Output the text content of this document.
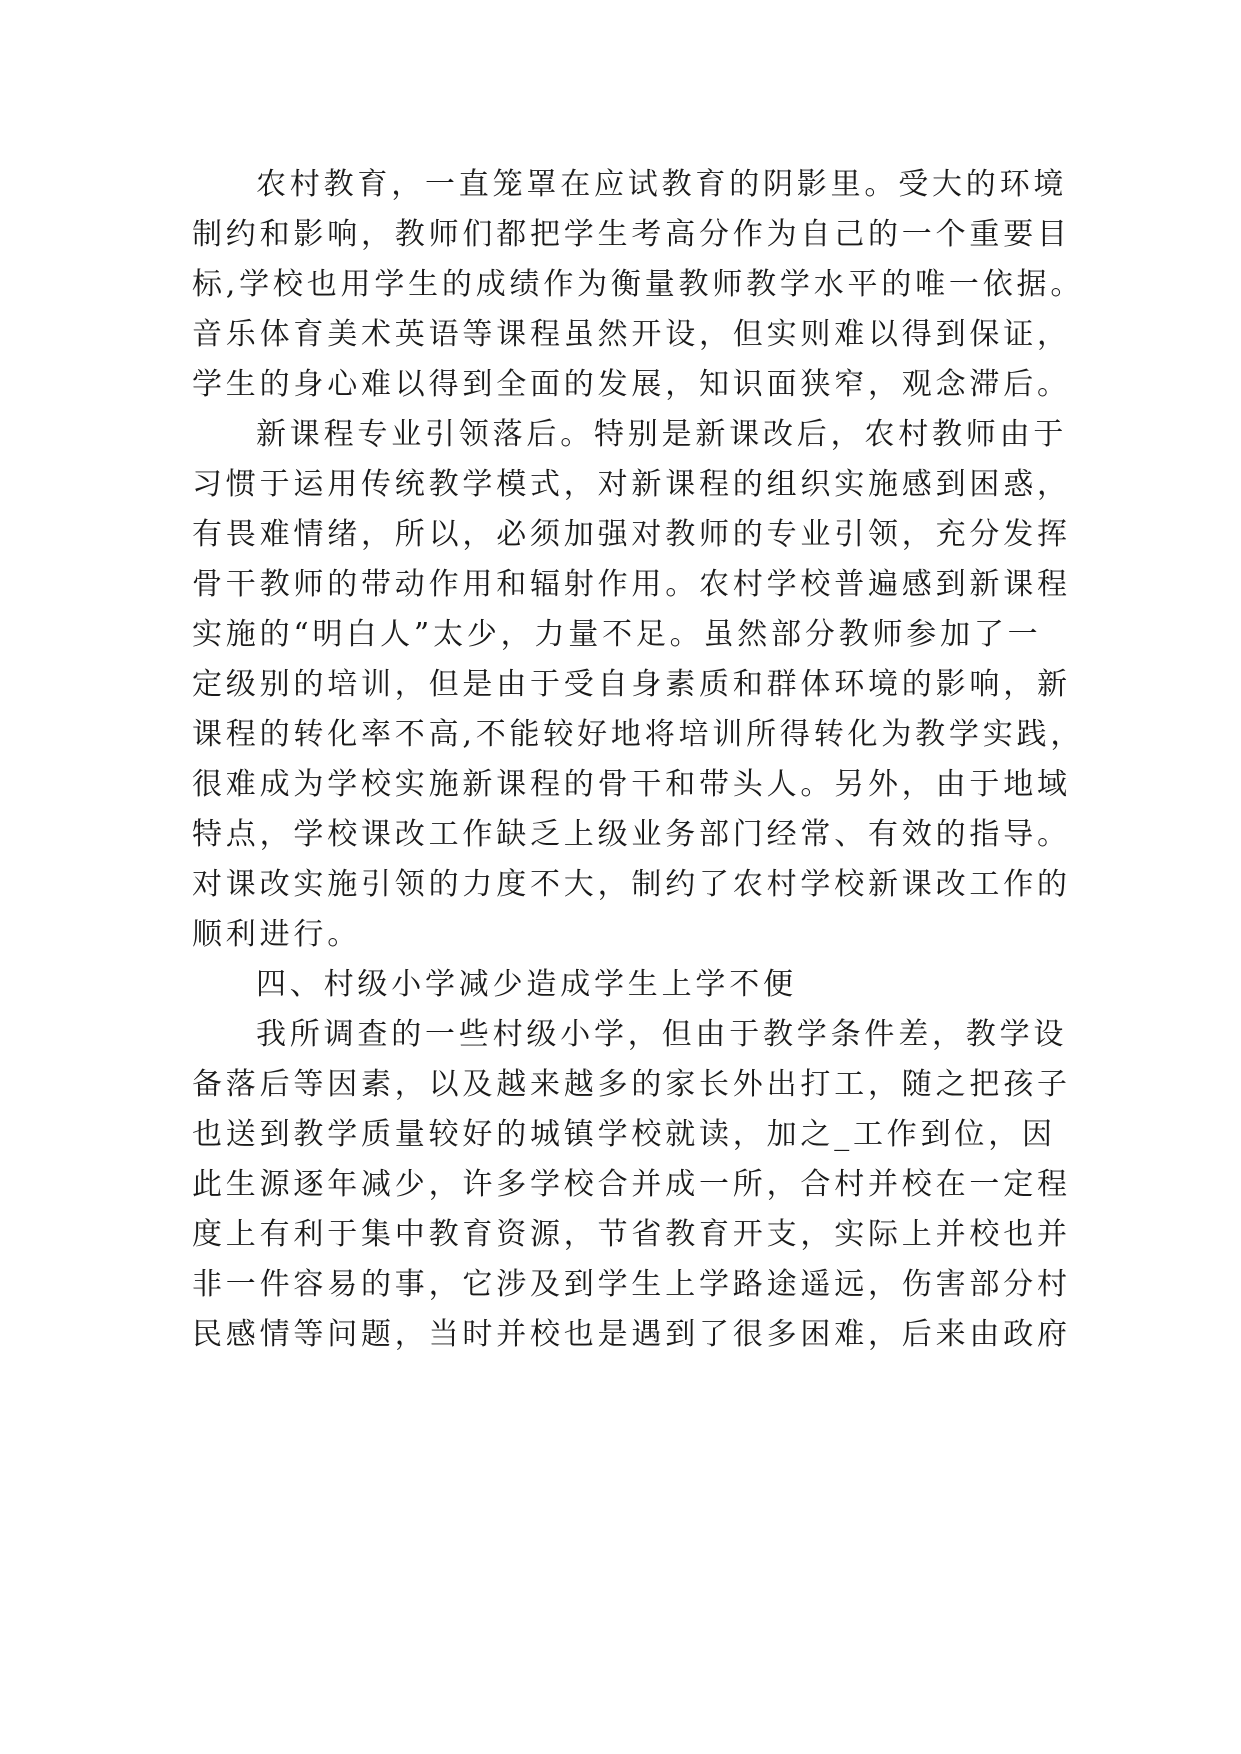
农村教育，一直笼罩在应试教育的阴影里。受大的环境
制约和影响，教师们都把学生考高分作为自己的一个重要目
标,学校也用学生的成绩作为衡量教师教学水平的唯一依据。
音乐体育美术英语等课程虽然开设，但实则难以得到保证，
学生的身心难以得到全面的发展，知识面狭窄，观念滞后。
新课程专业引领落后。特别是新课改后，农村教师由于
习惯于运用传统教学模式，对新课程的组织实施感到困惑，
有畏难情绪，所以，必须加强对教师的专业引领，充分发挥
骨干教师的带动作用和辐射作用。农村学校普遍感到新课程
实施的“明白人”太少，力量不足。虽然部分教师参加了一
定级别的培训，但是由于受自身素质和群体环境的影响，新
课程的转化率不高,不能较好地将培训所得转化为教学实践，
很难成为学校实施新课程的骨干和带头人。另外，由于地域
特点，学校课改工作缺乏上级业务部门经常、有效的指导。
对课改实施引领的力度不大，制约了农村学校新课改工作的
顺利进行。
四、村级小学减少造成学生上学不便
我所调查的一些村级小学，但由于教学条件差，教学设
备落后等因素，以及越来越多的家长外出打工，随之把孩子
也送到教学质量较好的城镇学校就读，加之_工作到位，因
此生源逐年减少，许多学校合并成一所，合村并校在一定程
度上有利于集中教育资源，节省教育开支，实际上并校也并
非一件容易的事，它涉及到学生上学路途遥远，伤害部分村
民感情等问题，当时并校也是遇到了很多困难，后来由政府
